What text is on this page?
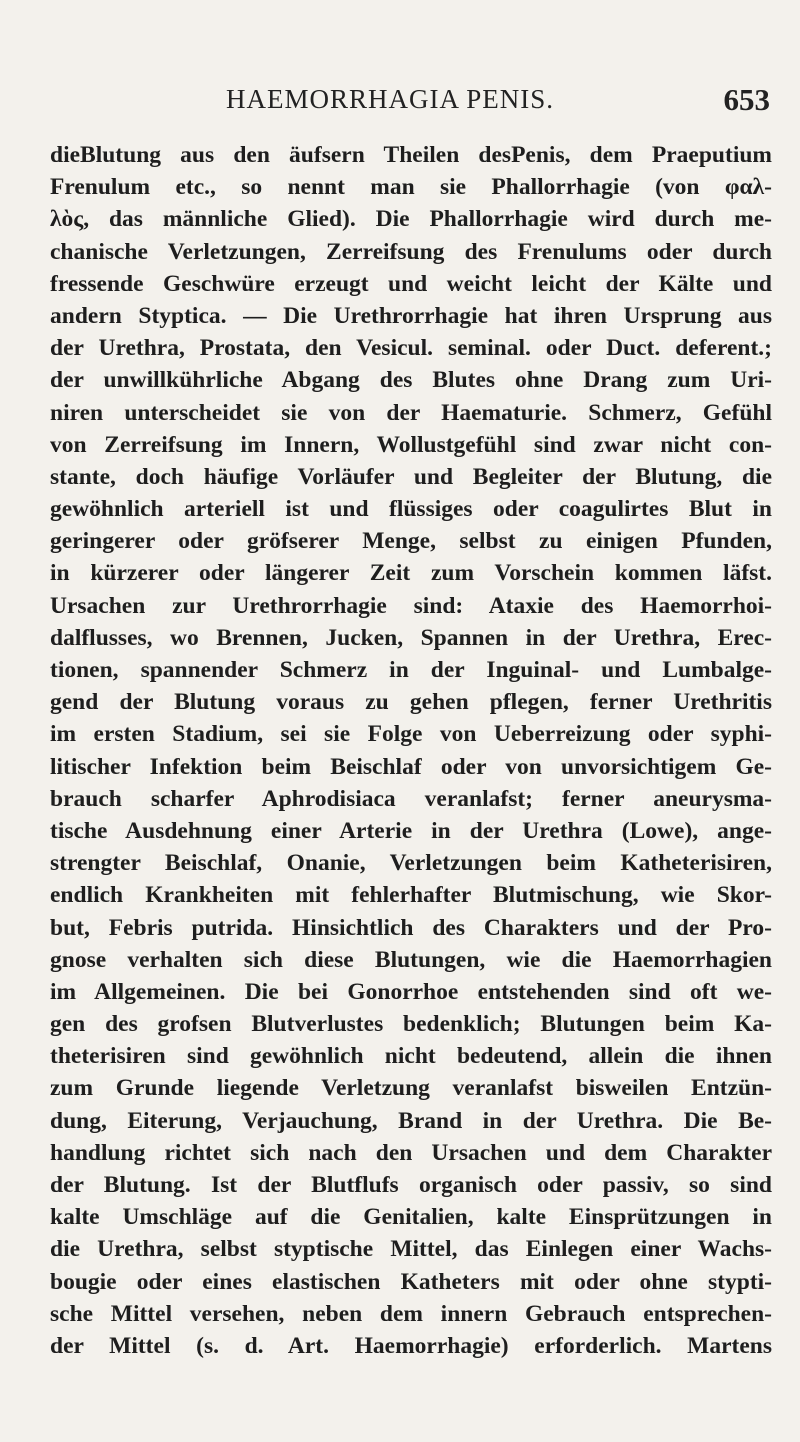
HAEMORRHAGIA PENIS.	653
dieBlutung aus den äufsern Theilen desPenis, dem Praeputium
Frenulum etc., so nennt man sie Phallorrhagie (von φαλ-
λὸς, das männliche Glied). Die Phallorrhagie wird durch me-
chanische Verletzungen, Zerreifsung des Frenulums oder durch
fressende Geschwüre erzeugt und weicht leicht der Kälte und
andern Styptica. — Die Urethrorrhagie hat ihren Ursprung aus
der Urethra, Prostata, den Vesicul. seminal. oder Duct. deferent.;
der unwillkührliche Abgang des Blutes ohne Drang zum Uri-
niren unterscheidet sie von der Haematurie. Schmerz, Gefühl
von Zerreifsung im Innern, Wollustgefühl sind zwar nicht con-
stante, doch häufige Vorläufer und Begleiter der Blutung, die
gewöhnlich arteriell ist und flüssiges oder coagulirtes Blut in
geringerer oder gröfserer Menge, selbst zu einigen Pfunden,
in kürzerer oder längerer Zeit zum Vorschein kommen läfst.
Ursachen zur Urethrorrhagie sind: Ataxie des Haemorrhoi-
dalflusses, wo Brennen, Jucken, Spannen in der Urethra, Erec-
tionen, spannender Schmerz in der Inguinal- und Lumbalge-
gend der Blutung voraus zu gehen pflegen, ferner Urethritis
im ersten Stadium, sei sie Folge von Ueberreizung oder syphi-
litischer Infektion beim Beischlaf oder von unvorsichtigem Ge-
brauch scharfer Aphrodisiaca veranlafst; ferner aneurysma-
tische Ausdehnung einer Arterie in der Urethra (Lowe), ange-
strengter Beischlaf, Onanie, Verletzungen beim Katheterisiren,
endlich Krankheiten mit fehlerhafter Blutmischung, wie Skor-
but, Febris putrida. Hinsichtlich des Charakters und der Pro-
gnose verhalten sich diese Blutungen, wie die Haemorrhagien
im Allgemeinen. Die bei Gonorrhoe entstehenden sind oft we-
gen des grofsen Blutverlustes bedenklich; Blutungen beim Ka-
theterisiren sind gewöhnlich nicht bedeutend, allein die ihnen
zum Grunde liegende Verletzung veranlafst bisweilen Entzün-
dung, Eiterung, Verjauchung, Brand in der Urethra. Die Be-
handlung richtet sich nach den Ursachen und dem Charakter
der Blutung. Ist der Blutflufs organisch oder passiv, so sind
kalte Umschläge auf die Genitalien, kalte Einsprützungen in
die Urethra, selbst styptische Mittel, das Einlegen einer Wachs-
bougie oder eines elastischen Katheters mit oder ohne stypti-
sche Mittel versehen, neben dem innern Gebrauch entsprechen-
der Mittel (s. d. Art. Haemorrhagie) erforderlich. Martens
